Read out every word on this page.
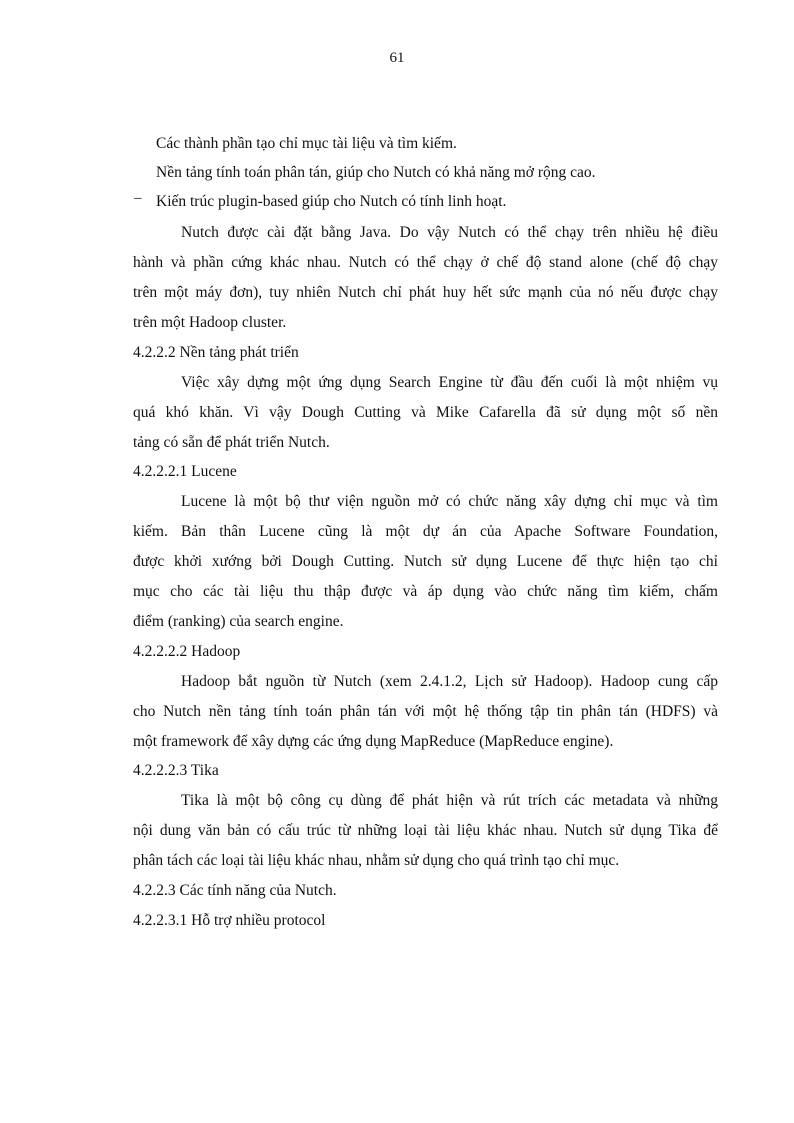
61
Các thành phần tạo chỉ mục tài liệu và tìm kiếm.
Nền tảng tính toán phân tán, giúp cho Nutch có khả năng mở rộng cao.
– Kiến trúc plugin-based giúp cho Nutch có tính linh hoạt.
Nutch được cài đặt bằng Java. Do vậy Nutch có thể chạy trên nhiều hệ điều
hành và phần cứng khác nhau. Nutch có thể chạy ở chế độ stand alone (chế độ chạy
trên một máy đơn), tuy nhiên Nutch chỉ phát huy hết sức mạnh của nó nếu được chạy
trên một Hadoop cluster.
4.2.2.2 Nền tảng phát triển
Việc xây dựng một ứng dụng Search Engine từ đầu đến cuối là một nhiệm vụ
quá khó khăn. Vì vậy Dough Cutting và Mike Cafarella đã sử dụng một số nền
tảng có sẵn để phát triển Nutch.
4.2.2.2.1 Lucene
Lucene là một bộ thư viện nguồn mở có chức năng xây dựng chỉ mục và tìm
kiếm. Bản thân Lucene cũng là một dự án của Apache Software Foundation,
được khởi xướng bởi Dough Cutting. Nutch sử dụng Lucene để thực hiện tạo chỉ
mục cho các tài liệu thu thập được và áp dụng vào chức năng tìm kiếm, chấm
điểm (ranking) của search engine.
4.2.2.2.2 Hadoop
Hadoop bắt nguồn từ Nutch (xem 2.4.1.2, Lịch sử Hadoop). Hadoop cung cấp
cho Nutch nền tảng tính toán phân tán với một hệ thống tập tin phân tán (HDFS) và
một framework để xây dựng các ứng dụng MapReduce (MapReduce engine).
4.2.2.2.3 Tika
Tika là một bộ công cụ dùng để phát hiện và rút trích các metadata và những
nội dung văn bản có cấu trúc từ những loại tài liệu khác nhau. Nutch sử dụng Tika để
phân tách các loại tài liệu khác nhau, nhằm sử dụng cho quá trình tạo chỉ mục.
4.2.2.3 Các tính năng của Nutch.
4.2.2.3.1 Hỗ trợ nhiều protocol
